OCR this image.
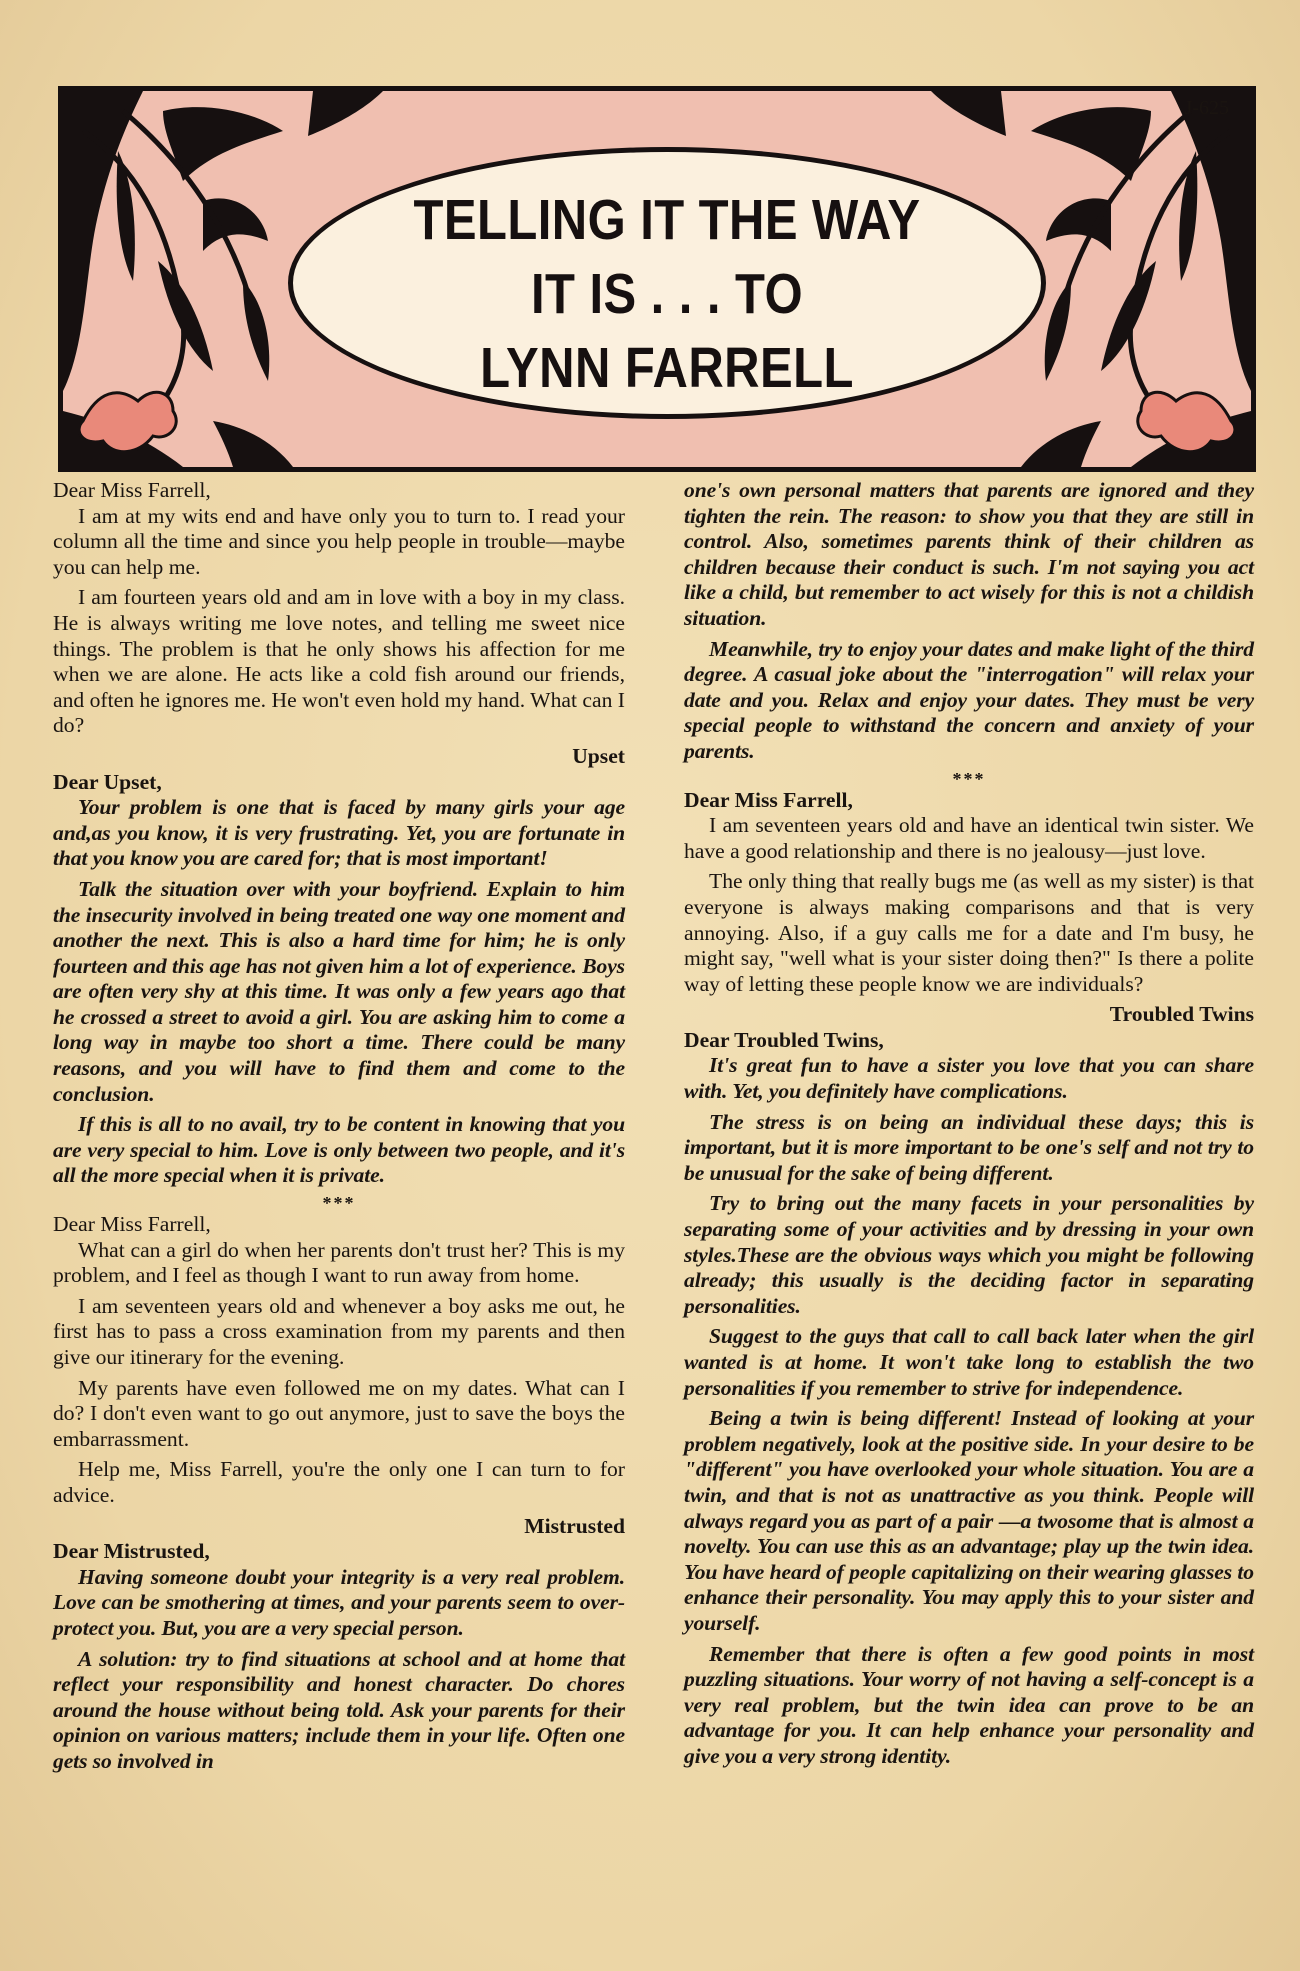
J-625
TELLING IT THE WAY
IT IS . . . TO
LYNN FARRELL

Dear Miss Farrell,

I am at my wits end and have only you to turn to. I read your column all the time and since you help people in trouble—maybe you can help me.

I am fourteen years old and am in love with a boy in my class. He is always writing me love notes, and telling me sweet nice things. The problem is that he only shows his affection for me when we are alone. He acts like a cold fish around our friends, and often he ignores me. He won't even hold my hand. What can I do?

Upset

Dear Upset,

Your problem is one that is faced by many girls your age and,as you know, it is very frustrating. Yet, you are fortunate in that you know you are cared for; that is most important!

Talk the situation over with your boyfriend. Explain to him the insecurity involved in being treated one way one moment and another the next. This is also a hard time for him; he is only fourteen and this age has not given him a lot of experience. Boys are often very shy at this time. It was only a few years ago that he crossed a street to avoid a girl. You are asking him to come a long way in maybe too short a time. There could be many reasons, and you will have to find them and come to the conclusion.

If this is all to no avail, try to be content in knowing that you are very special to him. Love is only between two people, and it's all the more special when it is private.

***

Dear Miss Farrell,

What can a girl do when her parents don't trust her? This is my problem, and I feel as though I want to run away from home.

I am seventeen years old and whenever a boy asks me out, he first has to pass a cross examination from my parents and then give our itinerary for the evening.

My parents have even followed me on my dates. What can I do? I don't even want to go out anymore, just to save the boys the embarrassment.

Help me, Miss Farrell, you're the only one I can turn to for advice.

Mistrusted

Dear Mistrusted,

Having someone doubt your integrity is a very real problem. Love can be smothering at times, and your parents seem to over-protect you. But, you are a very special person.

A solution: try to find situations at school and at home that reflect your responsibility and honest character. Do chores around the house without being told. Ask your parents for their opinion on various matters; include them in your life. Often one gets so involved in

one's own personal matters that parents are ignored and they tighten the rein. The reason: to show you that they are still in control. Also, sometimes parents think of their children as children because their conduct is such. I'm not saying you act like a child, but remember to act wisely for this is not a childish situation.

Meanwhile, try to enjoy your dates and make light of the third degree. A casual joke about the "interrogation" will relax your date and you. Relax and enjoy your dates. They must be very special people to withstand the concern and anxiety of your parents.

***

Dear Miss Farrell,

I am seventeen years old and have an identical twin sister. We have a good relationship and there is no jealousy—just love.

The only thing that really bugs me (as well as my sister) is that everyone is always making comparisons and that is very annoying. Also, if a guy calls me for a date and I'm busy, he might say, "well what is your sister doing then?" Is there a polite way of letting these people know we are individuals?

Troubled Twins

Dear Troubled Twins,

It's great fun to have a sister you love that you can share with. Yet, you definitely have complications.

The stress is on being an individual these days; this is important, but it is more important to be one's self and not try to be unusual for the sake of being different.

Try to bring out the many facets in your personalities by separating some of your activities and by dressing in your own styles.These are the obvious ways which you might be following already; this usually is the deciding factor in separating personalities.

Suggest to the guys that call to call back later when the girl wanted is at home. It won't take long to establish the two personalities if you remember to strive for independence.

Being a twin is being different! Instead of looking at your problem negatively, look at the positive side. In your desire to be "different" you have overlooked your whole situation. You are a twin, and that is not as unattractive as you think. People will always regard you as part of a pair —a twosome that is almost a novelty. You can use this as an advantage; play up the twin idea. You have heard of people capitalizing on their wearing glasses to enhance their personality. You may apply this to your sister and yourself.

Remember that there is often a few good points in most puzzling situations. Your worry of not having a self-concept is a very real problem, but the twin idea can prove to be an advantage for you. It can help enhance your personality and give you a very strong identity.
